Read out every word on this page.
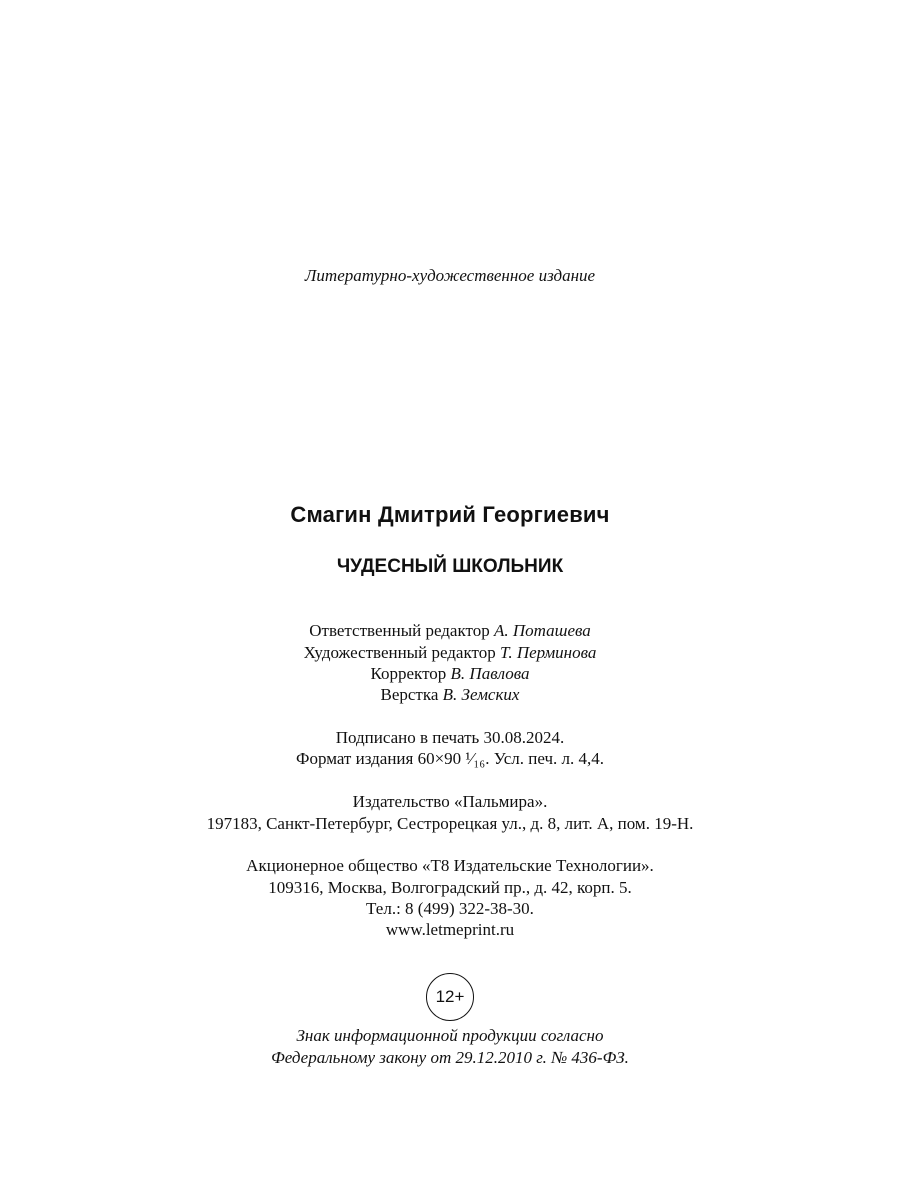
Литературно-художественное издание
Смагин Дмитрий Георгиевич
ЧУДЕСНЫЙ ШКОЛЬНИК
Ответственный редактор А. Поташева
Художественный редактор Т. Перминова
Корректор В. Павлова
Верстка В. Земских
Подписано в печать 30.08.2024.
Формат издания 60×90 ¹⁄₁₆. Усл. печ. л. 4,4.
Издательство «Пальмира».
197183, Санкт-Петербург, Сестрорецкая ул., д. 8, лит. А, пом. 19-Н.
Акционерное общество «Т8 Издательские Технологии».
109316, Москва, Волгоградский пр., д. 42, корп. 5.
Тел.: 8 (499) 322-38-30.
www.letmeprint.ru
12+
Знак информационной продукции согласно
Федеральному закону от 29.12.2010 г. № 436-ФЗ.
